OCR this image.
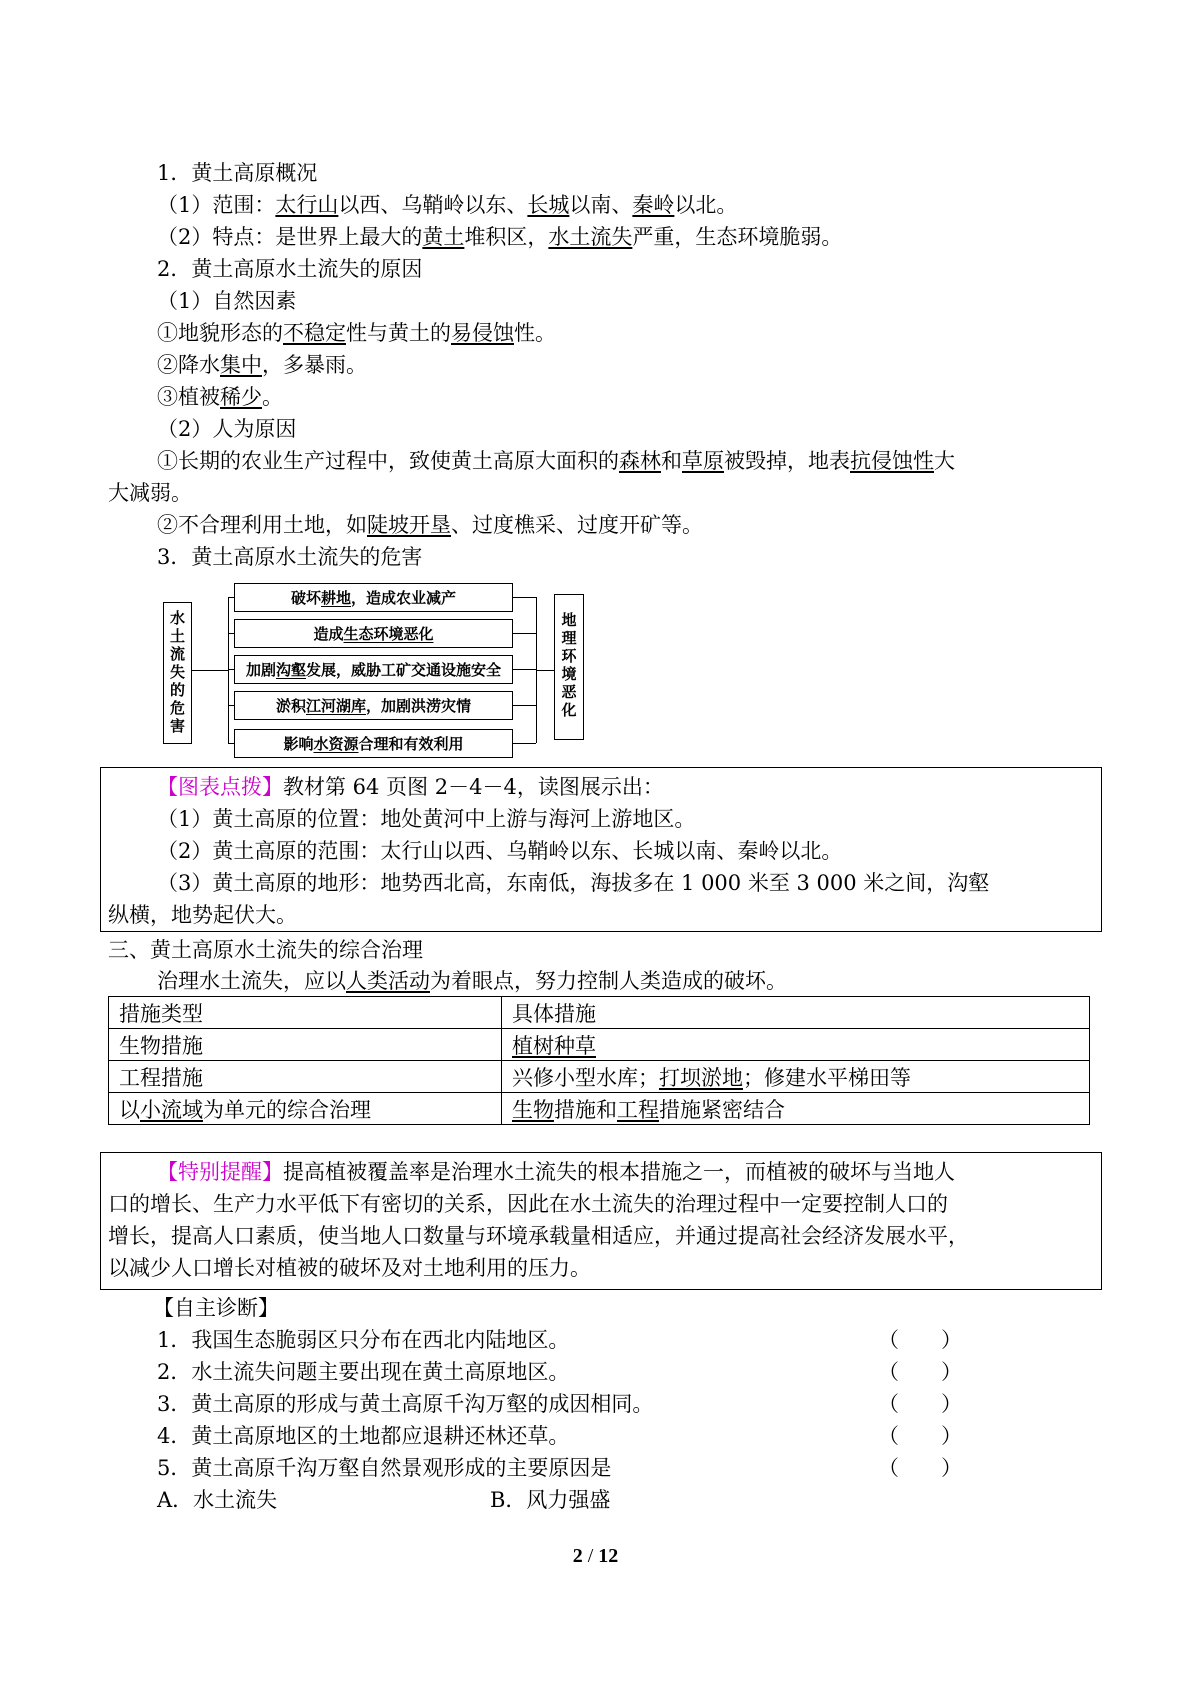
1．黄土高原概况
（1）范围：太行山以西、乌鞘岭以东、长城以南、秦岭以北。
（2）特点：是世界上最大的黄土堆积区，水土流失严重，生态环境脆弱。
2．黄土高原水土流失的原因
（1）自然因素
①地貌形态的不稳定性与黄土的易侵蚀性。
②降水集中，多暴雨。
③植被稀少。
（2）人为原因
①长期的农业生产过程中，致使黄土高原大面积的森林和草原被毁掉，地表抗侵蚀性大
大减弱。
②不合理利用土地，如陡坡开垦、过度樵采、过度开矿等。
3．黄土高原水土流失的危害
水
土
流
失
的
危
害
地
理
环
境
恶
化
破坏耕地，造成农业减产
造成生态环境恶化
加剧沟壑发展，威胁工矿交通设施安全
淤积江河湖库，加剧洪涝灾情
影响水资源合理和有效利用
【图表点拨】教材第 64 页图 2－4－4，读图展示出：
（1）黄土高原的位置：地处黄河中上游与海河上游地区。
（2）黄土高原的范围：太行山以西、乌鞘岭以东、长城以南、秦岭以北。
（3）黄土高原的地形：地势西北高，东南低，海拔多在 1 000 米至 3 000 米之间，沟壑
纵横，地势起伏大。
三、黄土高原水土流失的综合治理
治理水土流失，应以人类活动为着眼点，努力控制人类造成的破坏。
措施类型	具体措施
生物措施	植树种草
工程措施	兴修小型水库；打坝淤地；修建水平梯田等
以小流域为单元的综合治理	生物措施和工程措施紧密结合
【特别提醒】提高植被覆盖率是治理水土流失的根本措施之一，而植被的破坏与当地人
口的增长、生产力水平低下有密切的关系，因此在水土流失的治理过程中一定要控制人口的
增长，提高人口素质，使当地人口数量与环境承载量相适应，并通过提高社会经济发展水平，
以减少人口增长对植被的破坏及对土地利用的压力。
【自主诊断】
1．我国生态脆弱区只分布在西北内陆地区。	（　　）
2．水土流失问题主要出现在黄土高原地区。	（　　）
3．黄土高原的形成与黄土高原千沟万壑的成因相同。	（　　）
4．黄土高原地区的土地都应退耕还林还草。	（　　）
5．黄土高原千沟万壑自然景观形成的主要原因是	（　　）
A．水土流失	B．风力强盛
2 / 12
